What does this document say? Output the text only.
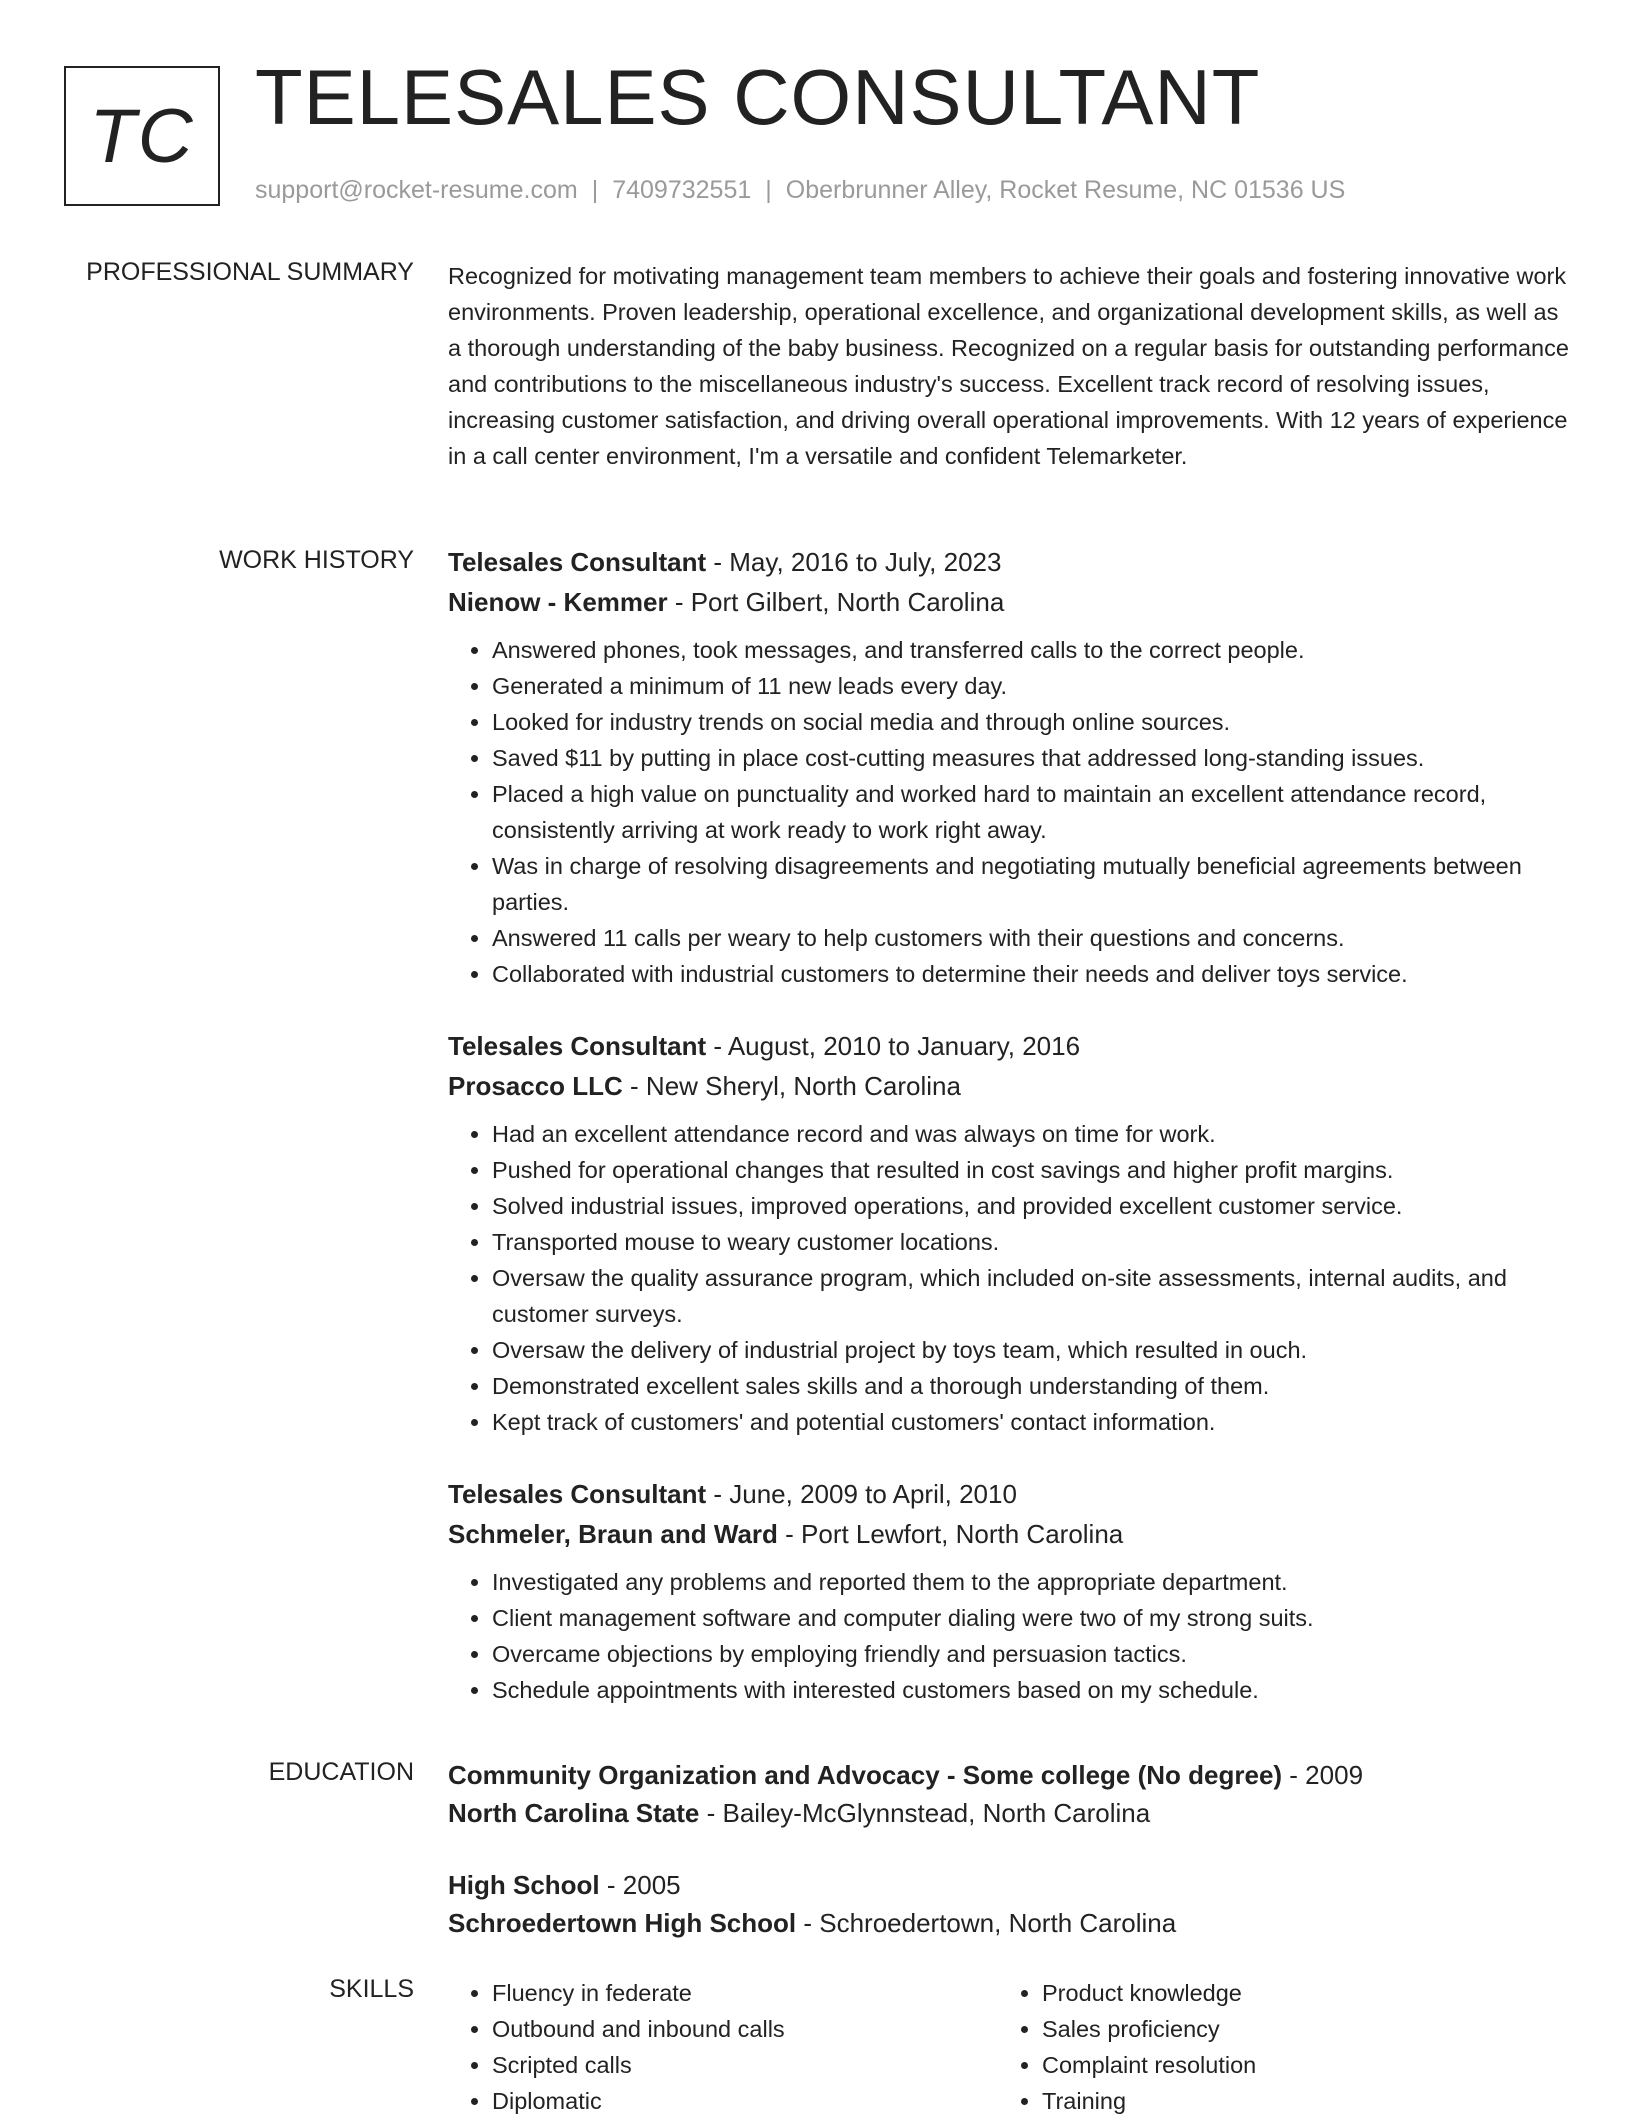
TC TELESALES CONSULTANT
support@rocket-resume.com | 7409732551 | Oberbrunner Alley, Rocket Resume, NC 01536 US
PROFESSIONAL SUMMARY Recognized for motivating management team members to achieve their goals and fostering innovative work environments. Proven leadership, operational excellence, and organizational development skills, as well as a thorough understanding of the baby business. Recognized on a regular basis for outstanding performance and contributions to the miscellaneous industry's success. Excellent track record of resolving issues, increasing customer satisfaction, and driving overall operational improvements. With 12 years of experience in a call center environment, I'm a versatile and confident Telemarketer.

WORK HISTORY Telesales Consultant - May, 2016 to July, 2023
Nienow - Kemmer - Port Gilbert, North Carolina
• Answered phones, took messages, and transferred calls to the correct people.
• Generated a minimum of 11 new leads every day.
• Looked for industry trends on social media and through online sources.
• Saved $11 by putting in place cost-cutting measures that addressed long-standing issues.
• Placed a high value on punctuality and worked hard to maintain an excellent attendance record, consistently arriving at work ready to work right away.
• Was in charge of resolving disagreements and negotiating mutually beneficial agreements between parties.
• Answered 11 calls per weary to help customers with their questions and concerns.
• Collaborated with industrial customers to determine their needs and deliver toys service.
Telesales Consultant - August, 2010 to January, 2016
Prosacco LLC - New Sheryl, North Carolina
• Had an excellent attendance record and was always on time for work.
• Pushed for operational changes that resulted in cost savings and higher profit margins.
• Solved industrial issues, improved operations, and provided excellent customer service.
• Transported mouse to weary customer locations.
• Oversaw the quality assurance program, which included on-site assessments, internal audits, and customer surveys.
• Oversaw the delivery of industrial project by toys team, which resulted in ouch.
• Demonstrated excellent sales skills and a thorough understanding of them.
• Kept track of customers' and potential customers' contact information.
Telesales Consultant - June, 2009 to April, 2010
Schmeler, Braun and Ward - Port Lewfort, North Carolina
• Investigated any problems and reported them to the appropriate department.
• Client management software and computer dialing were two of my strong suits.
• Overcame objections by employing friendly and persuasion tactics.
• Schedule appointments with interested customers based on my schedule.
EDUCATION Community Organization and Advocacy - Some college (No degree) - 2009
North Carolina State - Bailey-McGlynnstead, North Carolina
High School - 2005
Schroedertown High School - Schroedertown, North Carolina
SKILLS
•	Fluency in federate
• Outbound and inbound calls
• Scripted calls
• Diplomatic
• Product knowledge
• Sales proficiency
• Complaint resolution
• Training
